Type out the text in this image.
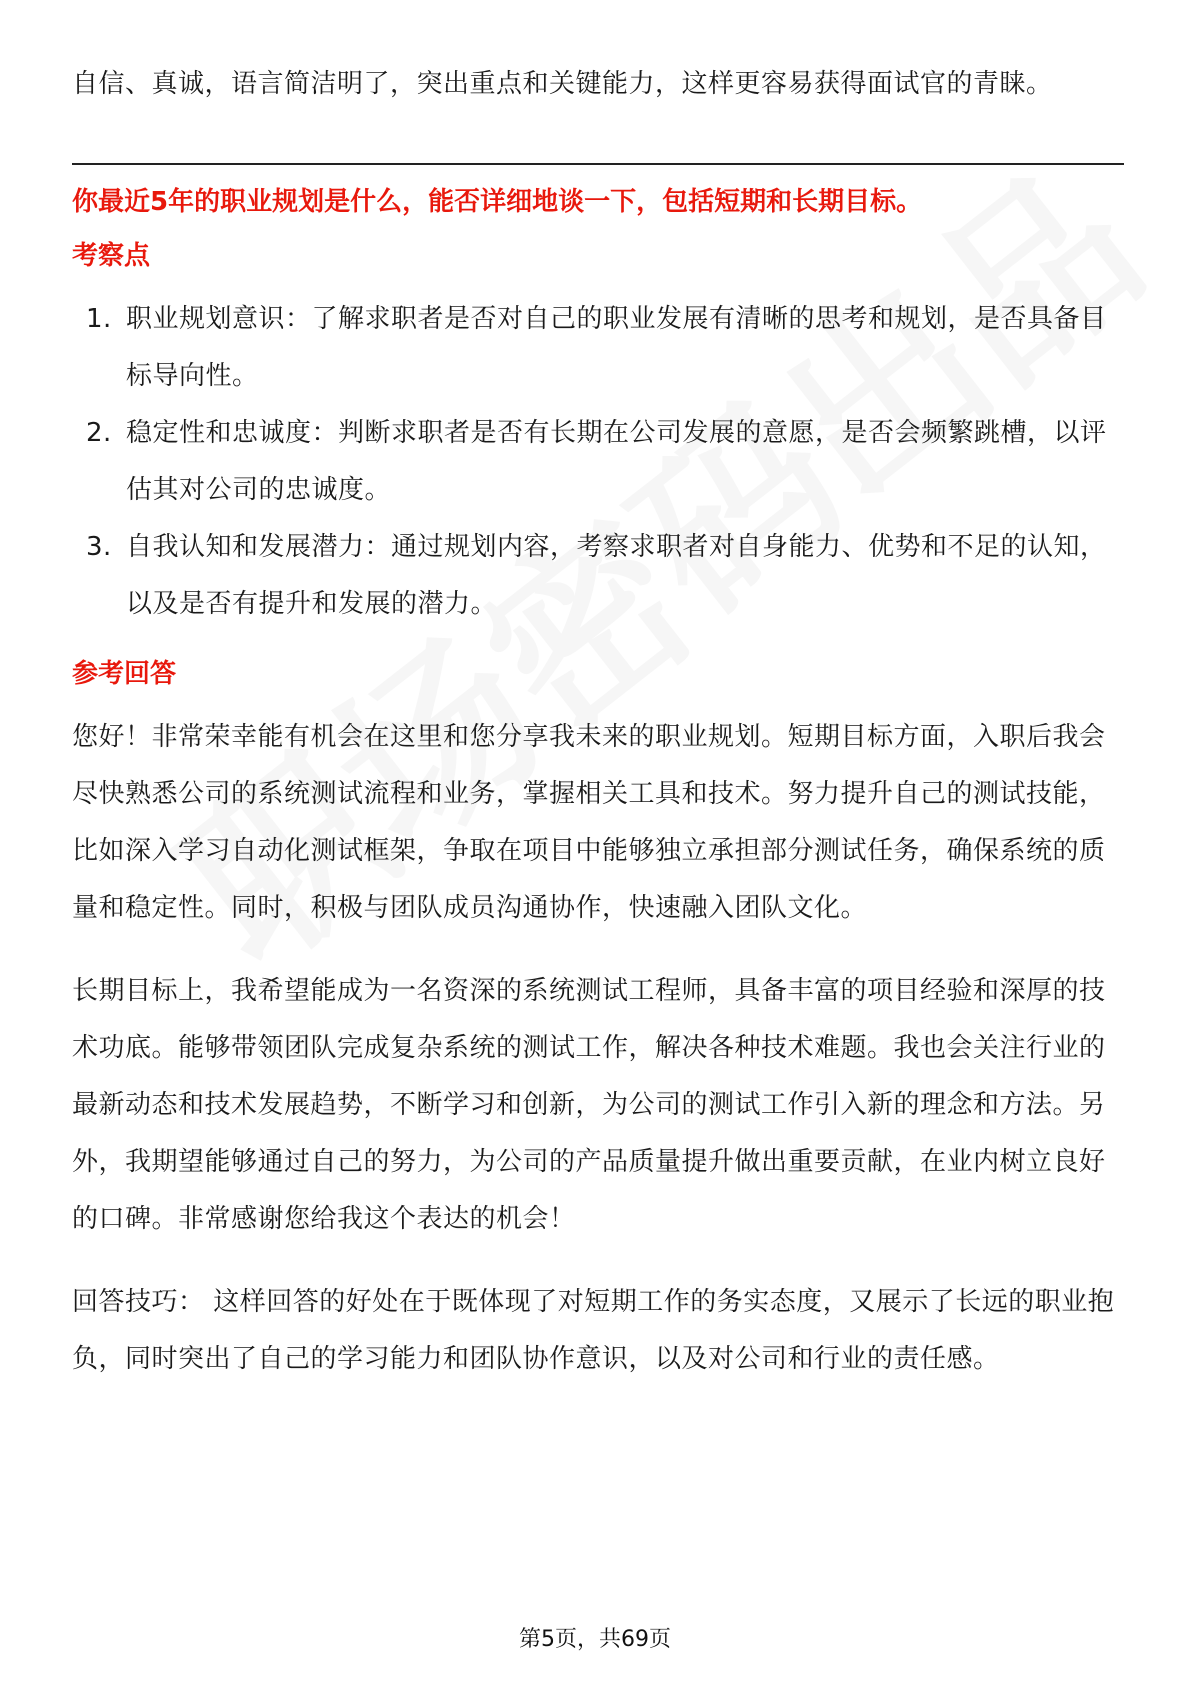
自信、真诚，语言简洁明了，突出重点和关键能力，这样更容易获得面试官的青睐。

你最近5年的职业规划是什么，能否详细地谈一下，包括短期和长期目标。

考察点
1. 职业规划意识：了解求职者是否对自己的职业发展有清晰的思考和规划，是否具备目标导向性。
2. 稳定性和忠诚度：判断求职者是否有长期在公司发展的意愿，是否会频繁跳槽，以评估其对公司的忠诚度。
3. 自我认知和发展潜力：通过规划内容，考察求职者对自身能力、优势和不足的认知，以及是否有提升和发展的潜力。
参考回答

您好！非常荣幸能有机会在这里和您分享我未来的职业规划。短期目标方面，入职后我会尽快熟悉公司的系统测试流程和业务，掌握相关工具和技术。努力提升自己的测试技能，比如深入学习自动化测试框架，争取在项目中能够独立承担部分测试任务，确保系统的质量和稳定性。同时，积极与团队成员沟通协作，快速融入团队文化。

长期目标上，我希望能成为一名资深的系统测试工程师，具备丰富的项目经验和深厚的技术功底。能够带领团队完成复杂系统的测试工作，解决各种技术难题。我也会关注行业的最新动态和技术发展趋势，不断学习和创新，为公司的测试工作引入新的理念和方法。另外，我期望能够通过自己的努力，为公司的产品质量提升做出重要贡献，在业内树立良好的口碑。非常感谢您给我这个表达的机会！

回答技巧： 这样回答的好处在于既体现了对短期工作的务实态度，又展示了长远的职业抱负，同时突出了自己的学习能力和团队协作意识，以及对公司和行业的责任感。

第5页，共69页
